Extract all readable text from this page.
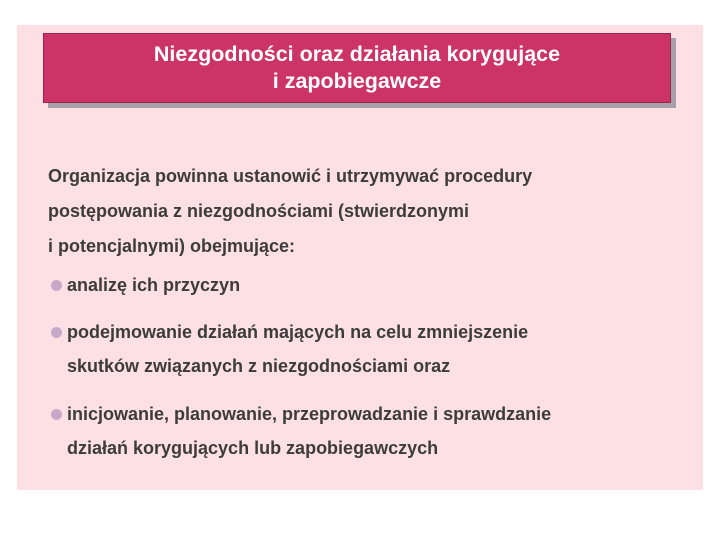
Niezgodności oraz działania korygujące
i zapobiegawcze
Organizacja powinna ustanowić i utrzymywać procedury
postępowania z niezgodnościami (stwierdzonymi
i potencjalnymi) obejmujące:
analizę ich przyczyn
podejmowanie działań mających na celu zmniejszenie
skutków związanych z niezgodnościami oraz
inicjowanie, planowanie, przeprowadzanie i sprawdzanie
działań korygujących lub zapobiegawczych
